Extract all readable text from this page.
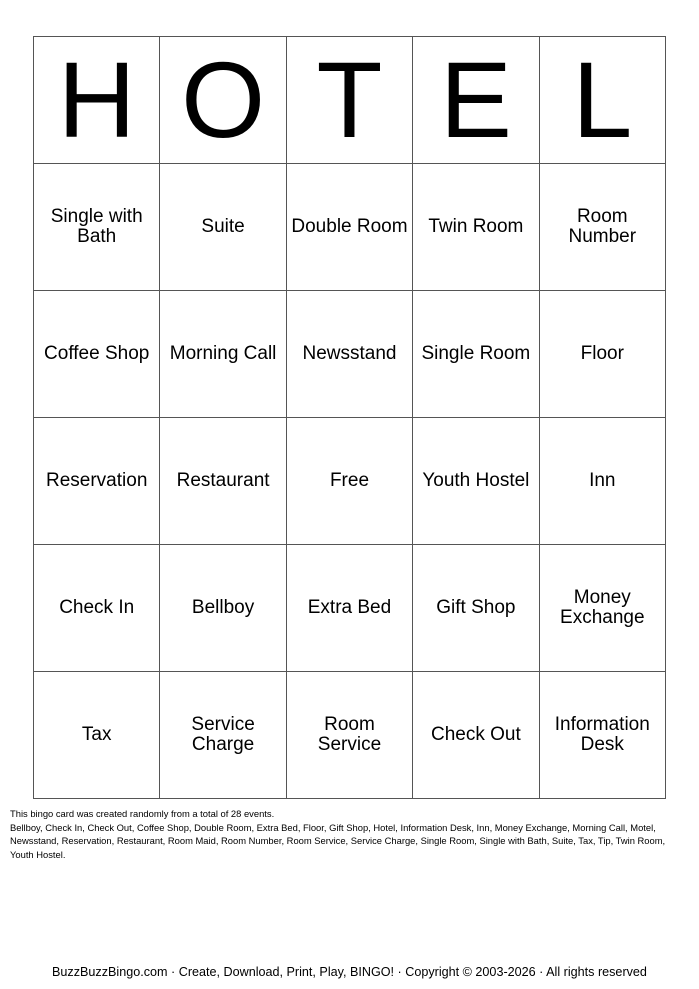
H	O	T	E	L
Single with Bath	Suite	Double Room	Twin Room	Room Number
Coffee Shop	Morning Call	Newsstand	Single Room	Floor
Reservation	Restaurant	Free	Youth Hostel	Inn
Check In	Bellboy	Extra Bed	Gift Shop	Money Exchange
Tax	Service Charge	Room Service	Check Out	Information Desk

This bingo card was created randomly from a total of 28 events.

Bellboy, Check In, Check Out, Coffee Shop, Double Room, Extra Bed, Floor, Gift Shop, Hotel, Information Desk, Inn, Money Exchange, Morning Call, Motel, Newsstand, Reservation, Restaurant, Room Maid, Room Number, Room Service, Service Charge, Single Room, Single with Bath, Suite, Tax, Tip, Twin Room, Youth Hostel.

BuzzBuzzBingo.com · Create, Download, Print, Play, BINGO! · Copyright © 2003-2026 · All rights reserved
